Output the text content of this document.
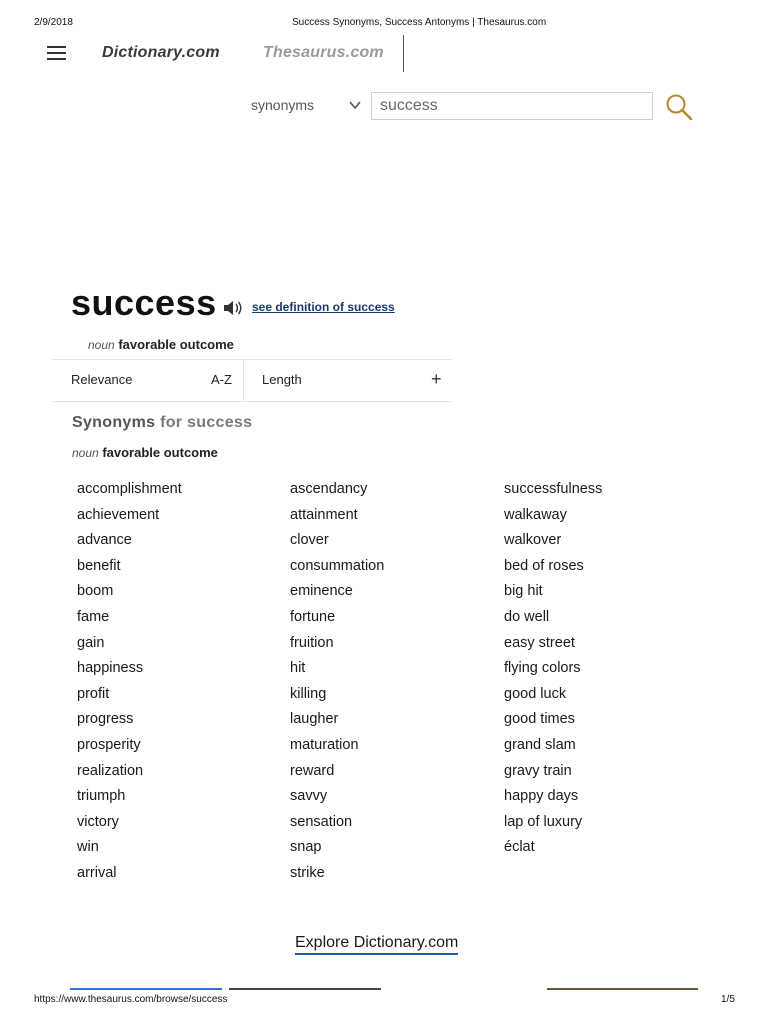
2/9/2018	Success Synonyms, Success Antonyms | Thesaurus.com
https://www.thesaurus.com/browse/success	1/5
Dictionary.com	Thesaurus.com
synonyms
success
success	see definition of success
noun favorable outcome
Relevance	A-Z Length	+
Synonyms for success
noun favorable outcome
accomplishment
achievement
advance
benefit
boom
fame
gain
happiness
profit
progress
prosperity
realization
triumph
victory
win
arrival
ascendancy
attainment
clover
consummation
eminence
fortune
fruition
hit
killing
laugher
maturation
reward
savvy
sensation
snap
strike
successfulness
walkaway
walkover
bed of roses
big hit
do well
easy street
flying colors
good luck
good times
grand slam
gravy train
happy days
lap of luxury
éclat
Explore Dictionary.com
